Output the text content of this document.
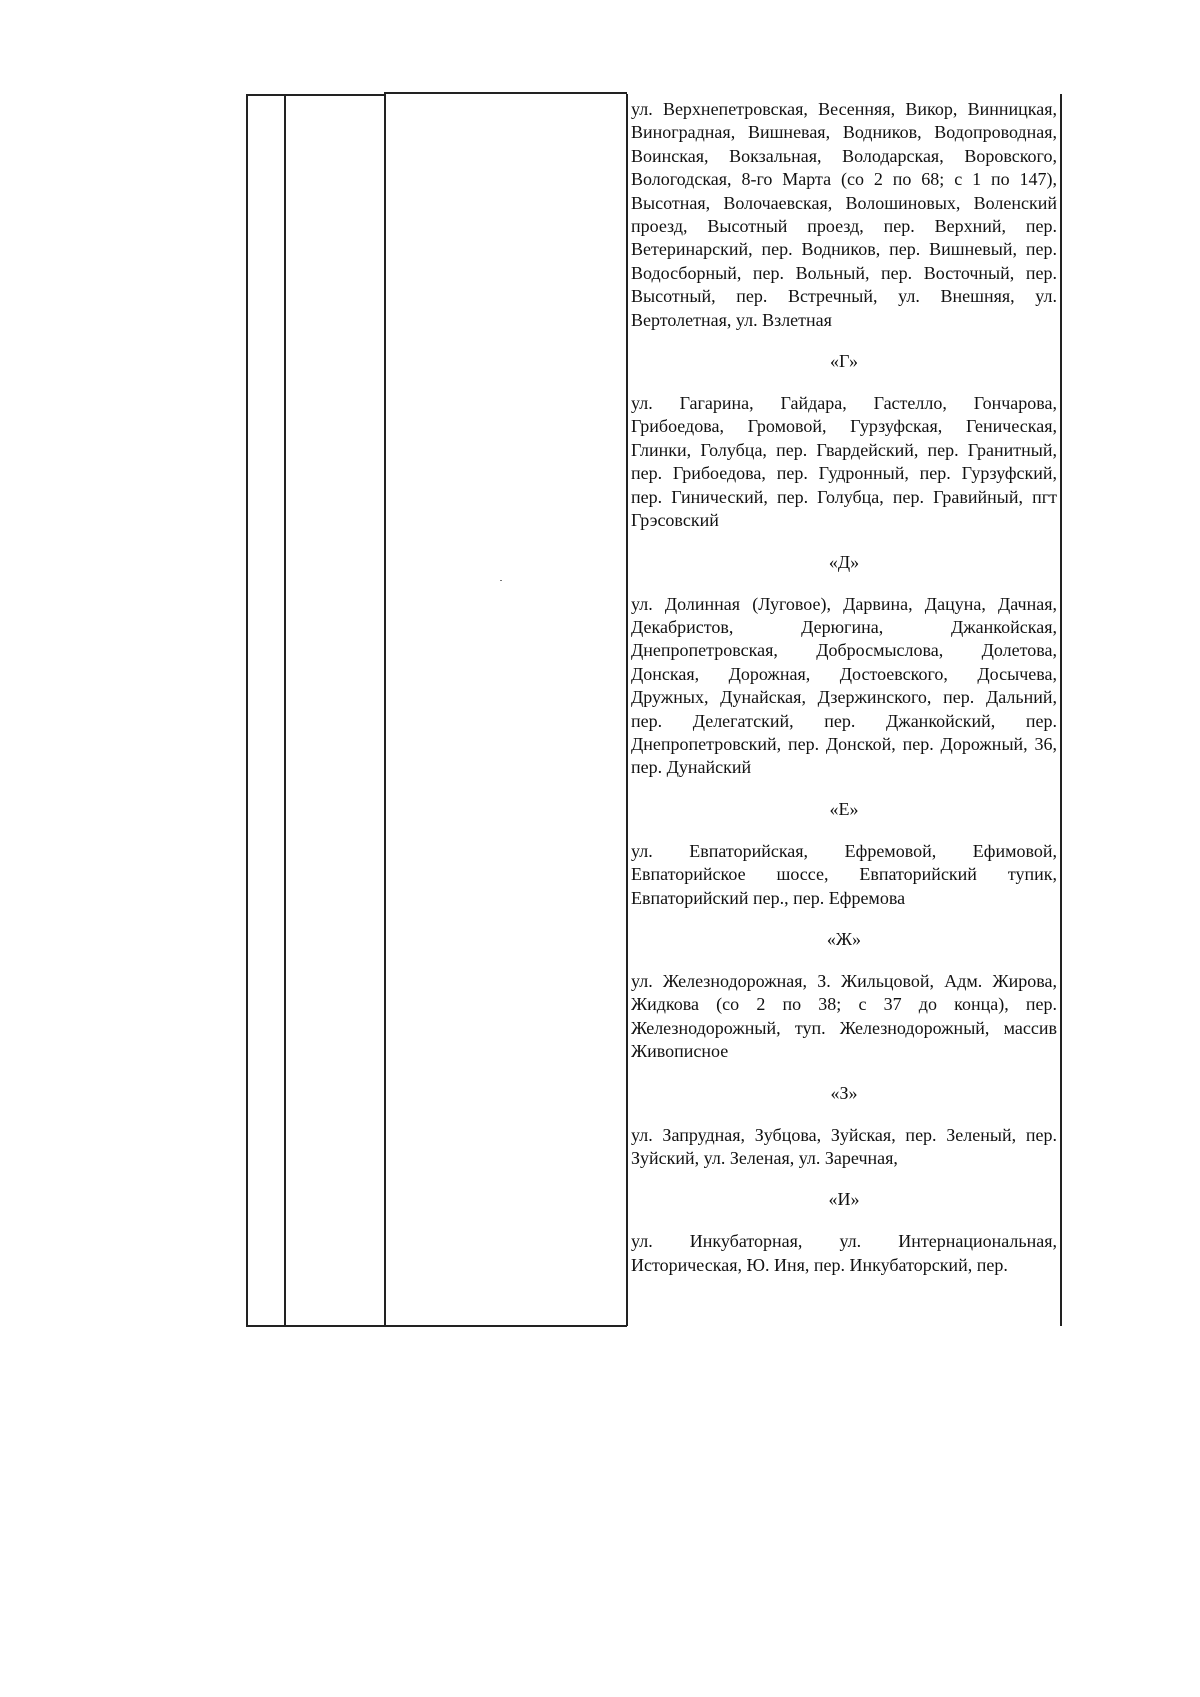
ул. Верхнепетровская, Весенняя, Викор, Винницкая, Виноградная, Вишневая, Водников, Водопроводная, Воинская, Вокзальная, Володарская, Воровского, Вологодская, 8-го Марта (со 2 по 68; с 1 по 147), Высотная, Волочаевская, Волошиновых, Воленский проезд, Высотный проезд, пер. Верхний, пер. Ветеринарский, пер. Водников, пер. Вишневый, пер. Водосборный, пер. Вольный, пер. Восточный, пер. Высотный, пер. Встречный, ул. Внешняя, ул. Вертолетная, ул. Взлетная

«Г»

ул. Гагарина, Гайдара, Гастелло, Гончарова, Грибоедова, Громовой, Гурзуфская, Геническая, Глинки, Голубца, пер. Гвардейский, пер. Гранитный, пер. Грибоедова, пер. Гудронный, пер. Гурзуфский, пер. Гинический, пер. Голубца, пер. Гравийный, пгт Грэсовский

«Д»

ул. Долинная (Луговое), Дарвина, Дацуна, Дачная, Декабристов, Дерюгина, Джанкойская, Днепропетровская, Добросмыслова, Долетова, Донская, Дорожная, Достоевского, Досычева, Дружных, Дунайская, Дзержинского, пер. Дальний, пер. Делегатский, пер. Джанкойский, пер. Днепропетровский, пер. Донской, пер. Дорожный, 36, пер. Дунайский

«Е»

ул. Евпаторийская, Ефремовой, Ефимовой, Евпаторийское шоссе, Евпаторийский тупик, Евпаторийский пер., пер. Ефремова

«Ж»

ул. Железнодорожная, З. Жильцовой, Адм. Жирова, Жидкова (со 2 по 38; с 37 до конца), пер. Железнодорожный, туп. Железнодорожный, массив Живописное

«З»

ул. Запрудная, Зубцова, Зуйская, пер. Зеленый, пер. Зуйский, ул. Зеленая, ул. Заречная,

«И»

ул. Инкубаторная, ул. Интернациональная, Историческая, Ю. Иня, пер. Инкубаторский, пер.
